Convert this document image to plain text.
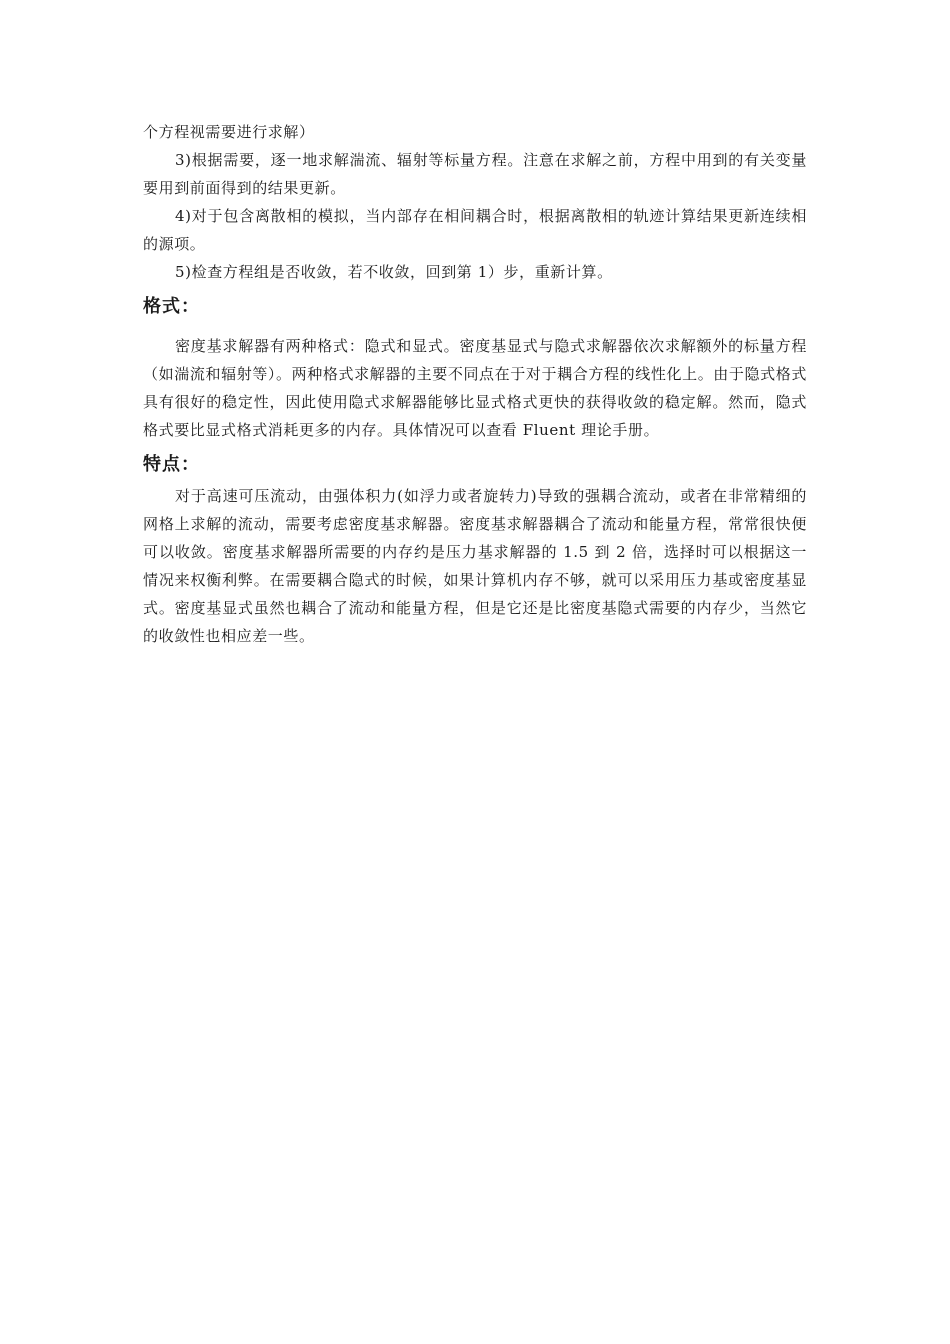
个方程视需要进行求解）

3)根据需要，逐一地求解湍流、辐射等标量方程。注意在求解之前，方程中用到的有关变量要用到前面得到的结果更新。

4)对于包含离散相的模拟，当内部存在相间耦合时，根据离散相的轨迹计算结果更新连续相的源项。

5)检查方程组是否收敛，若不收敛，回到第 1）步，重新计算。

格式：

密度基求解器有两种格式：隐式和显式。密度基显式与隐式求解器依次求解额外的标量方程（如湍流和辐射等）。两种格式求解器的主要不同点在于对于耦合方程的线性化上。由于隐式格式具有很好的稳定性，因此使用隐式求解器能够比显式格式更快的获得收敛的稳定解。然而，隐式格式要比显式格式消耗更多的内存。具体情况可以查看 Fluent 理论手册。

特点：

对于高速可压流动，由强体积力(如浮力或者旋转力)导致的强耦合流动，或者在非常精细的网格上求解的流动，需要考虑密度基求解器。密度基求解器耦合了流动和能量方程，常常很快便可以收敛。密度基求解器所需要的内存约是压力基求解器的 1.5 到 2 倍，选择时可以根据这一情况来权衡利弊。在需要耦合隐式的时候，如果计算机内存不够，就可以采用压力基或密度基显式。密度基显式虽然也耦合了流动和能量方程，但是它还是比密度基隐式需要的内存少，当然它的收敛性也相应差一些。
